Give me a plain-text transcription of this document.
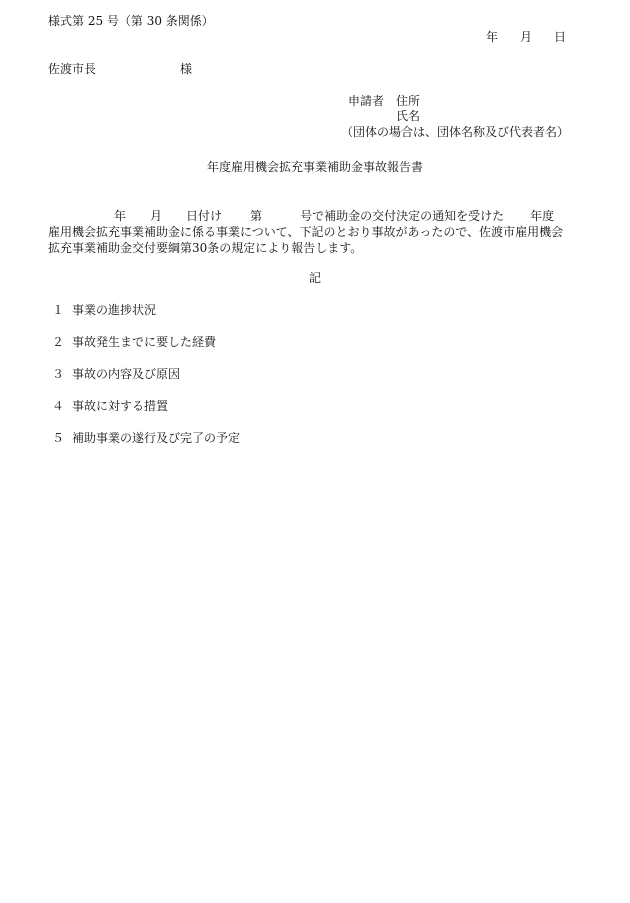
様式第 25 号（第 30 条関係）
年 月 日
佐渡市長	様
申請者 住所
氏名
（団体の場合は、団体名称及び代表者名）
年度雇用機会拡充事業補助金事故報告書
年 月 日付け 第	号で補助金の交付決定の通知を受けた 年度
雇用機会拡充事業補助金に係る事業について、下記のとおり事故があったので、佐渡市雇用機会
拡充事業補助金交付要綱第30条の規定により報告します。
記
１ 事業の進捗状況
２ 事故発生までに要した経費
３ 事故の内容及び原因
４ 事故に対する措置
５ 補助事業の遂行及び完了の予定
